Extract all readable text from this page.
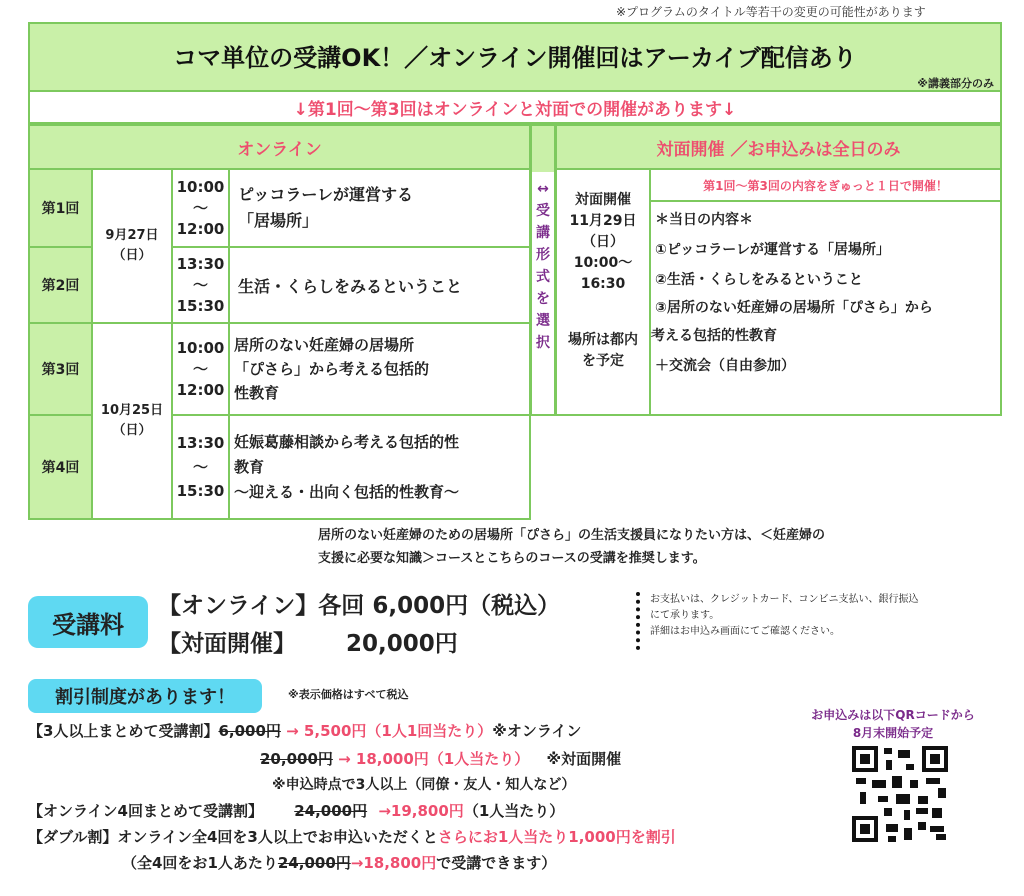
※プログラムのタイトル等若干の変更の可能性があります
コマ単位の受講OK！／オンライン開催回はアーカイブ配信あり
※講義部分のみ
↓第1回〜第3回はオンラインと対面での開催があります↓
オンライン
↔
受
講
形
式
を
選
択
対面開催 ／お申込みは全日のみ
第1回
第2回
第3回
第4回
9月27日
（日）
10月25日
（日）
10:00
〜
12:00
13:30
〜
15:30
10:00
〜
12:00
13:30
〜
15:30
ピッコラーレが運営する
「居場所」
生活・くらしをみるということ
居所のない妊産婦の居場所
「ぴさら」から考える包括的
性教育
妊娠葛藤相談から考える包括的性
教育
〜迎える・出向く包括的性教育〜
対面開催
11月29日
（日）
10:00〜
16:30
場所は都内
を予定
第1回〜第3回の内容をぎゅっと１日で開催！
＊当日の内容＊
①ピッコラーレが運営する「居場所」
②生活・くらしをみるということ
③居所のない妊産婦の居場所「ぴさら」から
考える包括的性教育
＋交流会（自由参加）
居所のない妊産婦のための居場所「ぴさら」の生活支援員になりたい方は、＜妊産婦の
支援に必要な知識＞コースとこちらのコースの受講を推奨します。
受講料
【オンライン】各回 6,000円（税込）
【対面開催】 20,000円
お支払いは、クレジットカード、コンビニ支払い、銀行振込
にて承ります。
詳細はお申込み画面にてご確認ください。
割引制度があります！	※表示価格はすべて税込
【3人以上まとめて受講割】6,000円 → 5,500円（1人1回当たり）※オンライン
20,000円 → 18,000円（1人当たり） ※対面開催
※申込時点で3人以上（同僚・友人・知人など）
【オンライン4回まとめて受講割】 24,000円 →19,800円（1人当たり）
【ダブル割】オンライン全4回を3人以上でお申込いただくとさらにお1人当たり1,000円を割引
（全4回をお1人あたり24,000円→18,800円で受講できます）
お申込みは以下QRコードから
8月末開始予定
